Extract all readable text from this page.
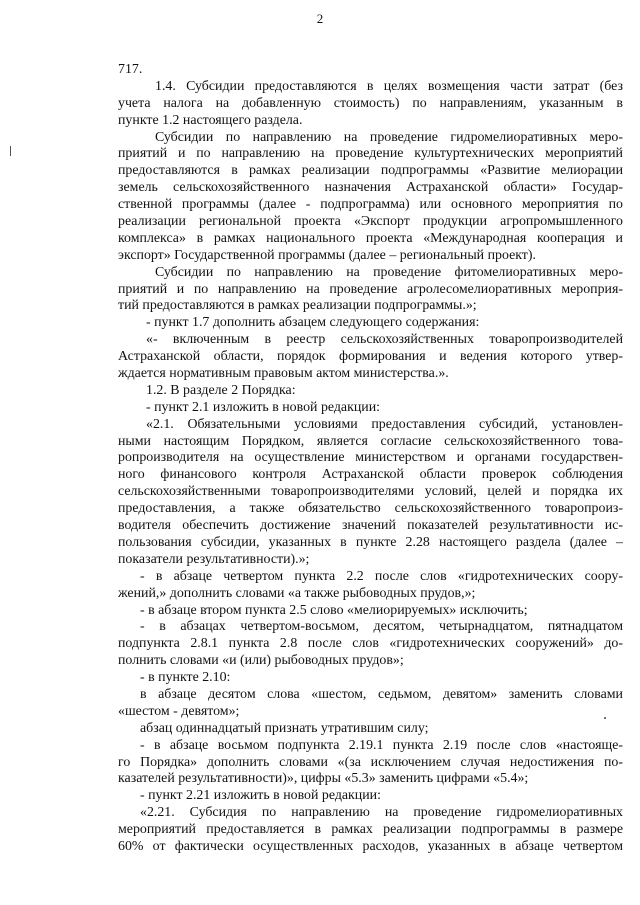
2
717.
1.4. Субсидии предоставляются в целях возмещения части затрат (без
учета налога на добавленную стоимость) по направлениям, указанным в
пункте 1.2 настоящего раздела.
Субсидии по направлению на проведение гидромелиоративных меро-
приятий и по направлению на проведение культуртехнических мероприятий
предоставляются в рамках реализации подпрограммы «Развитие мелиорации
земель сельскохозяйственного назначения Астраханской области» Государ-
ственной программы (далее - подпрограмма) или основного мероприятия по
реализации региональной проекта «Экспорт продукции агропромышленного
комплекса» в рамках национального проекта «Международная кооперация и
экспорт» Государственной программы (далее – региональный проект).
Субсидии по направлению на проведение фитомелиоративных меро-
приятий и по направлению на проведение агролесомелиоративных мероприя-
тий предоставляются в рамках реализации подпрограммы.»;
- пункт 1.7 дополнить абзацем следующего содержания:
«- включенным в реестр сельскохозяйственных товаропроизводителей
Астраханской области, порядок формирования и ведения которого утвер-
ждается нормативным правовым актом министерства.».
1.2. В разделе 2 Порядка:
- пункт 2.1 изложить в новой редакции:
«2.1. Обязательными условиями предоставления субсидий, установлен-
ными настоящим Порядком, является согласие сельскохозяйственного това-
ропроизводителя на осуществление министерством и органами государствен-
ного финансового контроля Астраханской области проверок соблюдения
сельскохозяйственными товаропроизводителями условий, целей и порядка их
предоставления, а также обязательство сельскохозяйственного товаропроиз-
водителя обеспечить достижение значений показателей результативности ис-
пользования субсидии, указанных в пункте 2.28 настоящего раздела (далее –
показатели результативности).»;
- в абзаце четвертом пункта 2.2 после слов «гидротехнических соору-
жений,» дополнить словами «а также рыбоводных прудов,»;
- в абзаце втором пункта 2.5 слово «мелиорируемых» исключить;
- в абзацах четвертом-восьмом, десятом, четырнадцатом, пятнадцатом
подпункта 2.8.1 пункта 2.8 после слов «гидротехнических сооружений» до-
полнить словами «и (или) рыбоводных прудов»;
- в пункте 2.10:
в абзаце десятом слова «шестом, седьмом, девятом» заменить словами
«шестом - девятом»;
абзац одиннадцатый признать утратившим силу;
- в абзаце восьмом подпункта 2.19.1 пункта 2.19 после слов «настояще-
го Порядка» дополнить словами «(за исключением случая недостижения по-
казателей результативности)», цифры «5.3» заменить цифрами «5.4»;
- пункт 2.21 изложить в новой редакции:
«2.21. Субсидия по направлению на проведение гидромелиоративных
мероприятий предоставляется в рамках реализации подпрограммы в размере
60% от фактически осуществленных расходов, указанных в абзаце четвертом
